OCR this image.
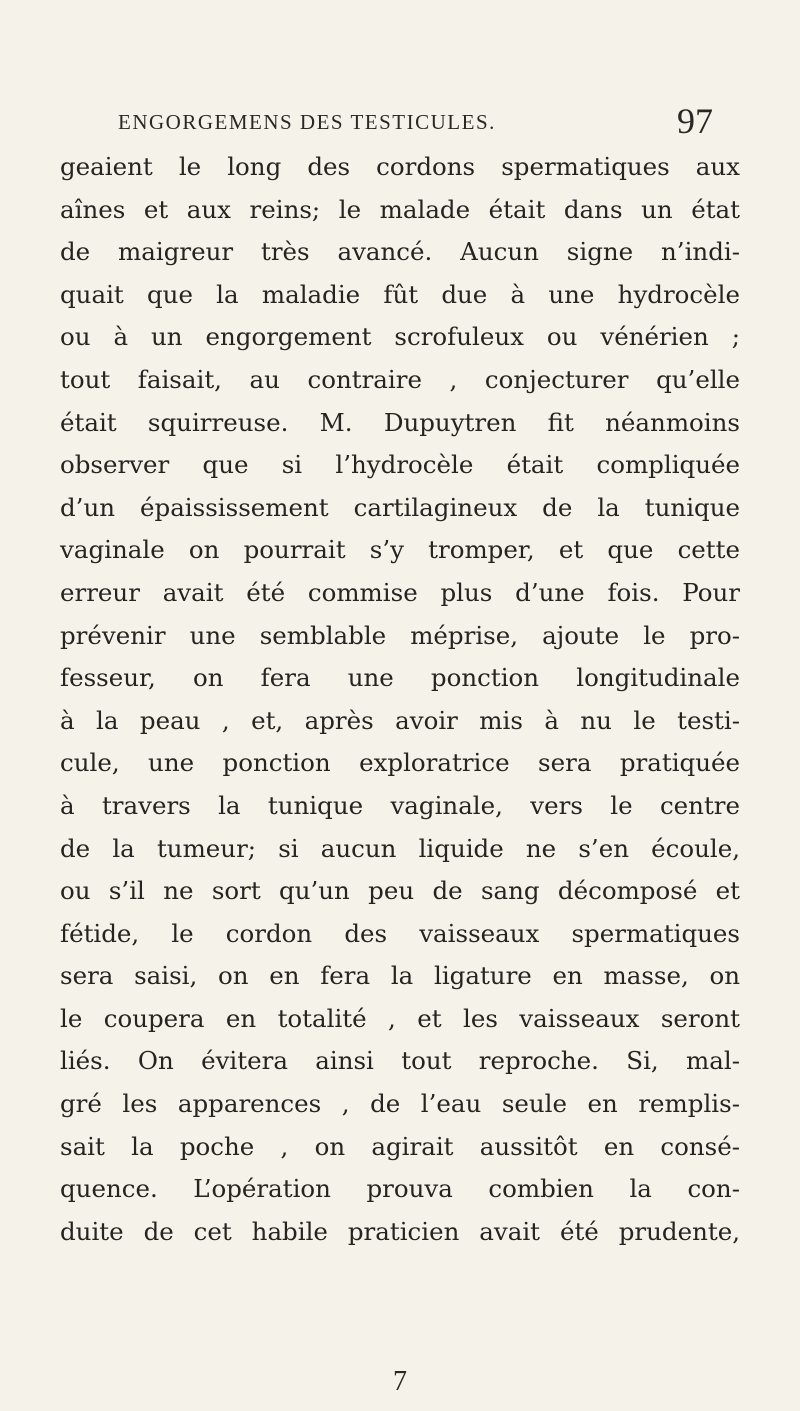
ENGORGEMENS DES TESTICULES.	97
geaient le long des cordons spermatiques aux
aînes et aux reins; le malade était dans un état
de maigreur très avancé. Aucun signe n’indi-
quait que la maladie fût due à une hydrocèle
ou à un engorgement scrofuleux ou vénérien ;
tout faisait, au contraire , conjecturer qu’elle
était squirreuse. M. Dupuytren fit néanmoins
observer que si l’hydrocèle était compliquée
d’un épaississement cartilagineux de la tunique
vaginale on pourrait s’y tromper, et que cette
erreur avait été commise plus d’une fois. Pour
prévenir une semblable méprise, ajoute le pro-
fesseur, on fera une ponction longitudinale
à la peau , et, après avoir mis à nu le testi-
cule, une ponction exploratrice sera pratiquée
à travers la tunique vaginale, vers le centre
de la tumeur; si aucun liquide ne s’en écoule,
ou s’il ne sort qu’un peu de sang décomposé et
fétide, le cordon des vaisseaux spermatiques
sera saisi, on en fera la ligature en masse, on
le coupera en totalité , et les vaisseaux seront
liés. On évitera ainsi tout reproche. Si, mal-
gré les apparences , de l’eau seule en remplis-
sait la poche , on agirait aussitôt en consé-
quence. L’opération prouva combien la con-
duite de cet habile praticien avait été prudente,
7
